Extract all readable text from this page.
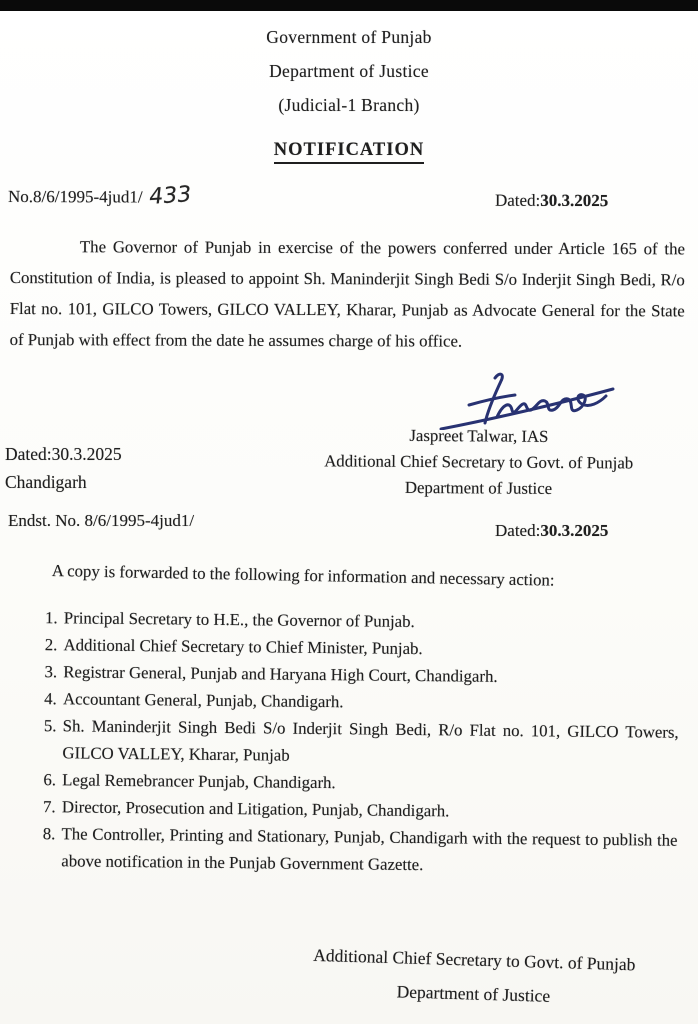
Government of Punjab
Department of Justice
(Judicial-1 Branch)
NOTIFICATION
No.8/6/1995-4jud1/ 433	Dated:30.3.2025
The Governor of Punjab in exercise of the powers conferred under Article 165 of the Constitution of India, is pleased to appoint Sh. Maninderjit Singh Bedi S/o Inderjit Singh Bedi, R/o Flat no. 101, GILCO Towers, GILCO VALLEY, Kharar, Punjab as Advocate General for the State of Punjab with effect from the date he assumes charge of his office.
Jaspreet Talwar, IAS
Additional Chief Secretary to Govt. of Punjab
Department of Justice
Dated:30.3.2025
Chandigarh
Endst. No. 8/6/1995-4jud1/
Dated:30.3.2025
A copy is forwarded to the following for information and necessary action:
1. Principal Secretary to H.E., the Governor of Punjab.
2. Additional Chief Secretary to Chief Minister, Punjab.
3. Registrar General, Punjab and Haryana High Court, Chandigarh.
4. Accountant General, Punjab, Chandigarh.
5. Sh. Maninderjit Singh Bedi S/o Inderjit Singh Bedi, R/o Flat no. 101, GILCO Towers, GILCO VALLEY, Kharar, Punjab
6. Legal Remebrancer Punjab, Chandigarh.
7. Director, Prosecution and Litigation, Punjab, Chandigarh.
8. The Controller, Printing and Stationary, Punjab, Chandigarh with the request to publish the above notification in the Punjab Government Gazette.
Additional Chief Secretary to Govt. of Punjab
Department of Justice
